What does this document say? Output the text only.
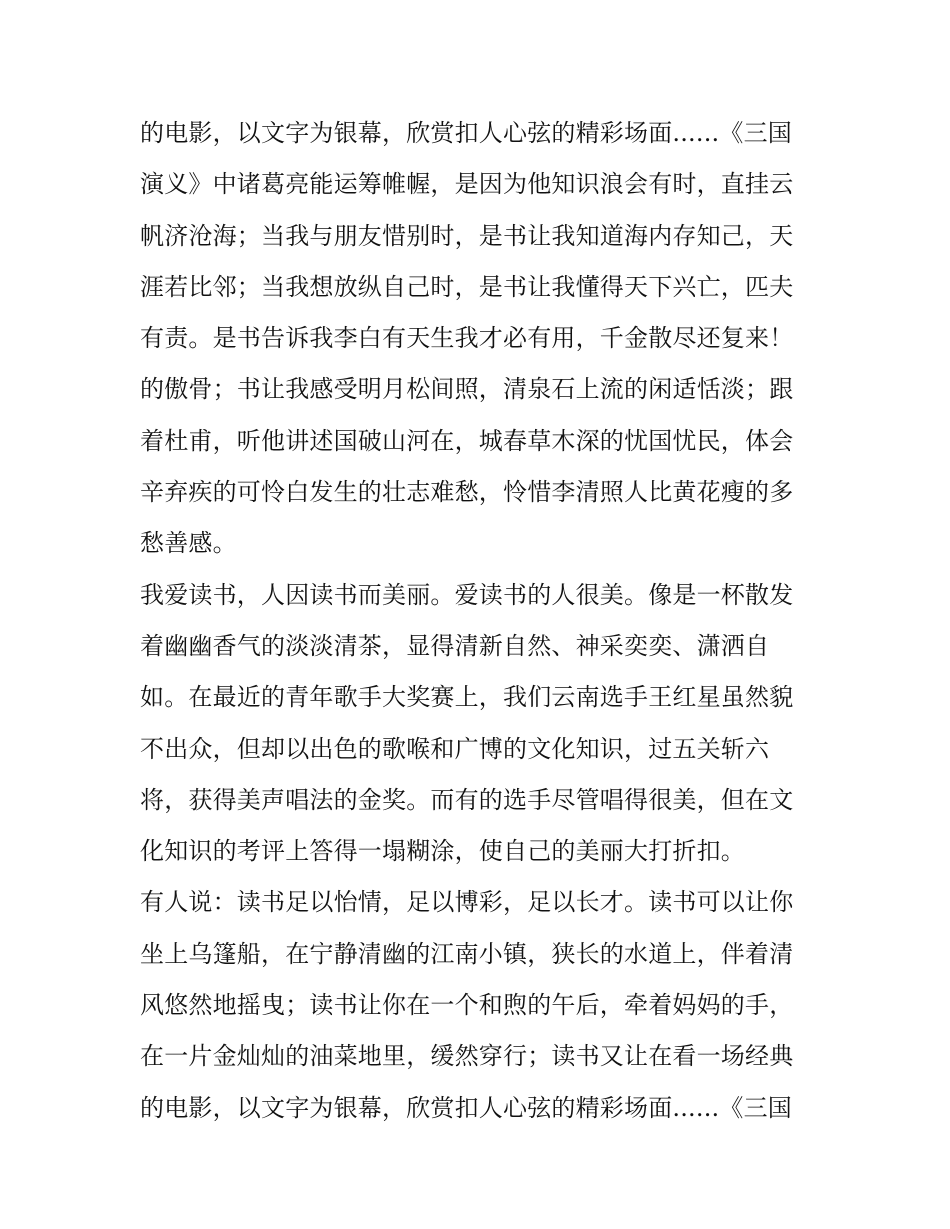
的电影，以文字为银幕，欣赏扣人心弦的精彩场面......《三国
演义》中诸葛亮能运筹帷幄，是因为他知识浪会有时，直挂云
帆济沧海；当我与朋友惜别时，是书让我知道海内存知己，天
涯若比邻；当我想放纵自己时，是书让我懂得天下兴亡，匹夫
有责。是书告诉我李白有天生我才必有用，千金散尽还复来！
的傲骨；书让我感受明月松间照，清泉石上流的闲适恬淡；跟
着杜甫，听他讲述国破山河在，城春草木深的忧国忧民，体会
辛弃疾的可怜白发生的壮志难愁，怜惜李清照人比黄花瘦的多
愁善感。
我爱读书，人因读书而美丽。爱读书的人很美。像是一杯散发
着幽幽香气的淡淡清茶，显得清新自然、神采奕奕、潇洒自
如。在最近的青年歌手大奖赛上，我们云南选手王红星虽然貌
不出众，但却以出色的歌喉和广博的文化知识，过五关斩六
将，获得美声唱法的金奖。而有的选手尽管唱得很美，但在文
化知识的考评上答得一塌糊涂，使自己的美丽大打折扣。
有人说：读书足以怡情，足以博彩，足以长才。读书可以让你
坐上乌篷船，在宁静清幽的江南小镇，狭长的水道上，伴着清
风悠然地摇曳；读书让你在一个和煦的午后，牵着妈妈的手，
在一片金灿灿的油菜地里，缓然穿行；读书又让在看一场经典
的电影，以文字为银幕，欣赏扣人心弦的精彩场面......《三国
